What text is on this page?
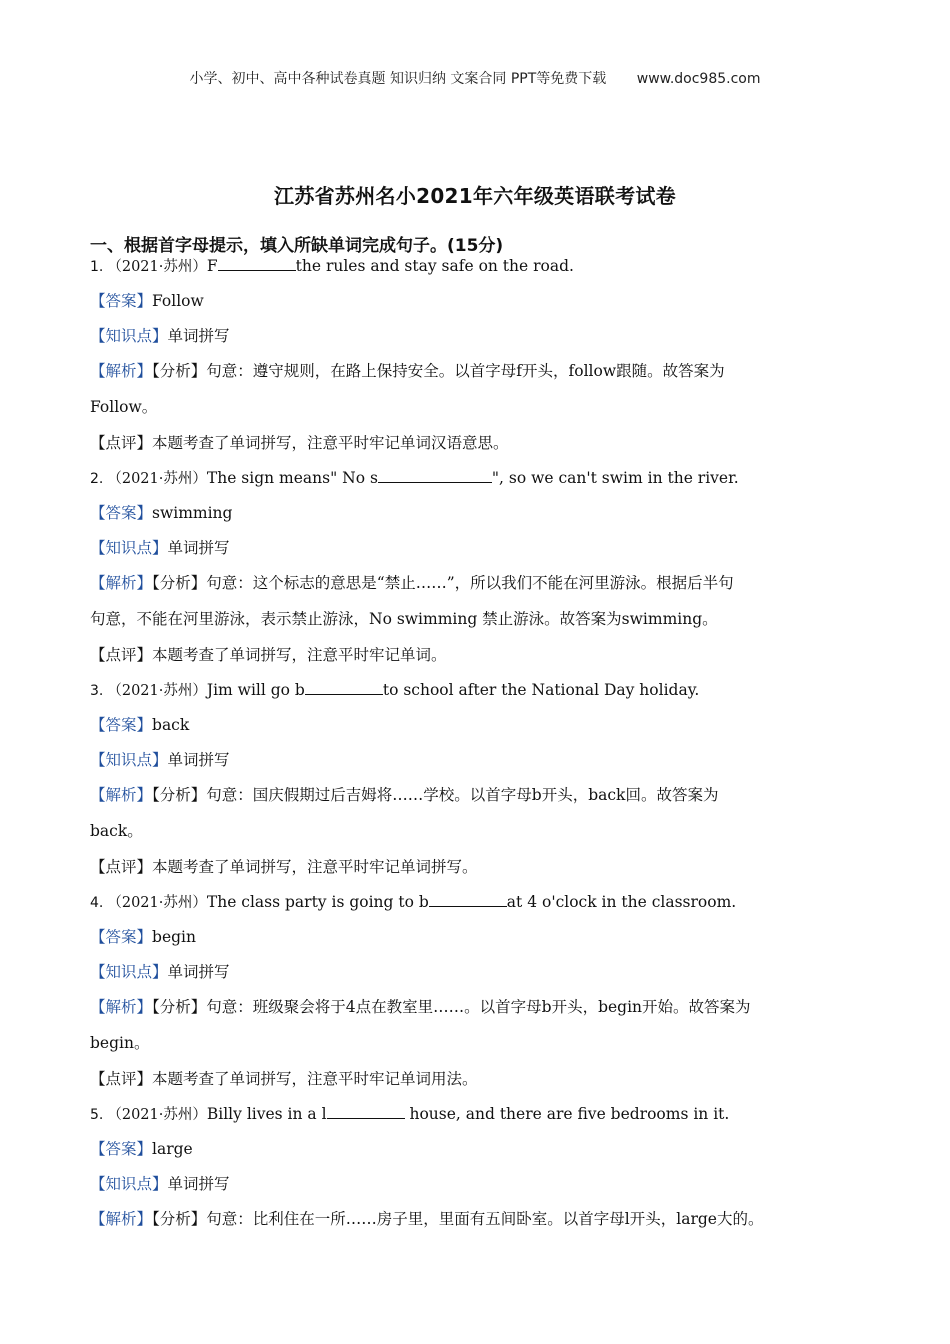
小学、初中、高中各种试卷真题 知识归纳 文案合同 PPT等免费下载 www.doc985.com
江苏省苏州名小2021年六年级英语联考试卷
一、根据首字母提示，填入所缺单词完成句子。(15分)
1. （2021·苏州）F	the rules and stay safe on the road.
【答案】Follow
【知识点】单词拼写
【解析】【分析】句意：遵守规则，在路上保持安全。以首字母f开头，follow跟随。故答案为
Follow。
【点评】本题考查了单词拼写，注意平时牢记单词汉语意思。
2. （2021·苏州）The sign means" No s	", so we can't swim in the river.
【答案】swimming
【知识点】单词拼写
【解析】【分析】句意：这个标志的意思是“禁止……”，所以我们不能在河里游泳。根据后半句
句意，不能在河里游泳，表示禁止游泳，No swimming 禁止游泳。故答案为swimming。
【点评】本题考查了单词拼写，注意平时牢记单词。
3. （2021·苏州）Jim will go b	to school after the National Day holiday.
【答案】back
【知识点】单词拼写
【解析】【分析】句意：国庆假期过后吉姆将……学校。以首字母b开头，back回。故答案为
back。
【点评】本题考查了单词拼写，注意平时牢记单词拼写。
4. （2021·苏州）The class party is going to b	at 4 o'clock in the classroom.
【答案】begin
【知识点】单词拼写
【解析】【分析】句意：班级聚会将于4点在教室里……。以首字母b开头，begin开始。故答案为
begin。
【点评】本题考查了单词拼写，注意平时牢记单词用法。
5. （2021·苏州）Billy lives in a l	house, and there are five bedrooms in it.
【答案】large
【知识点】单词拼写
【解析】【分析】句意：比利住在一所……房子里，里面有五间卧室。以首字母l开头，large大的。
